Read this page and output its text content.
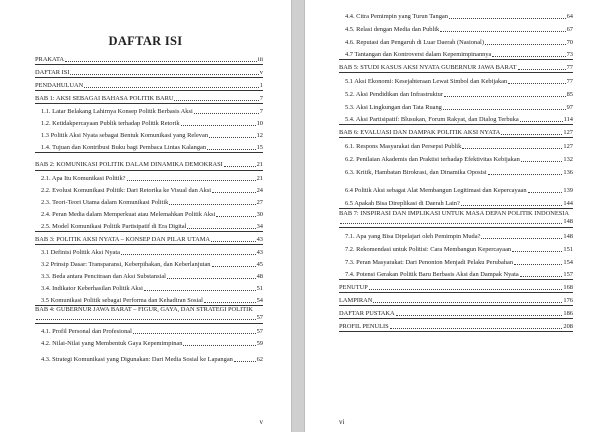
DAFTAR ISI
PRAKATA	iii
DAFTAR ISI	v
PENDAHULUAN	1
BAB 1: AKSI SEBAGAI BAHASA POLITIK BARU	7
1.1. Latar Belakang Lahirnya Konsep Politik Berbasis Aksi	7
1.2. Ketidakpercayaan Publik terhadap Politik Retorik	10
1.3 Politik Aksi Nyata sebagai Bentuk Komunikasi yang Relevan	12
1.4. Tujuan dan Kontribusi Buku bagi Pembaca Lintas Kalangan	15
BAB 2: KOMUNIKASI POLITIK DALAM DINAMIKA DEMOKRASI	21
2.1. Apa Itu Komunikasi Politik?	21
2.2. Evolusi Komunikasi Politik: Dari Retorika ke Visual dan Aksi	24
2.3. Teori-Teori Utama dalam Komunikasi Politik	27
2.4. Peran Media dalam Memperkuat atau Melemahkan Politik Aksi	30
2.5. Model Komunikasi Politik Partisipatif di Era Digital	34
BAB 3: POLITIK AKSI NYATA – KONSEP DAN PILAR UTAMA	43
3.1 Definisi Politik Aksi Nyata	43
3.2 Prinsip Dasar: Transparansi, Keberpihakan, dan Keberlanjutan	45
3.3. Beda antara Pencitraan dan Aksi Substansial	48
3.4. Indikator Keberhasilan Politik Aksi	51
3.5 Komunikasi Politik sebagai Performa dan Kehadiran Sosial	54
BAB 4: GUBERNUR JAWA BARAT – FIGUR, GAYA, DAN STRATEGI POLITIK
57
4.1. Profil Personal dan Profesional	57
4.2. Nilai-Nilai yang Membentuk Gaya Kepemimpinan	59
4.3. Strategi Komunikasi yang Digunakan: Dari Media Sosial ke Lapangan	62
v
4.4. Citra Pemimpin yang Turun Tangan	64
4.5. Relasi dengan Media dan Publik	67
4.6. Reputasi dan Pengaruh di Luar Daerah (Nasional)	70
4.7 Tantangan dan Kontroversi dalam Kepemimpinannya	73
BAB 5: STUDI KASUS AKSI NYATA GUBERNUR JAWA BARAT	77
5.1 Aksi Ekonomi: Kesejahteraan Lewat Simbol dan Kebijakan	77
5.2. Aksi Pendidikan dan Infrastruktur	85
5.3. Aksi Lingkungan dan Tata Ruang	97
5.4. Aksi Partisipatif: Blusukan, Forum Rakyat, dan Dialog Terbuka	114
BAB 6: EVALUASI DAN DAMPAK POLITIK AKSI NYATA	127
6.1. Respons Masyarakat dan Persepsi Publik	127
6.2. Penilaian Akademis dan Praktisi terhadap Efektivitas Kebijakan	132
6.3. Kritik, Hambatan Birokrasi, dan Dinamika Oposisi	136
6.4 Politik Aksi sebagai Alat Membangun Legitimasi dan Kepercayaan	139
6.5 Apakah Bisa Direplikasi di Daerah Lain?	144
BAB 7: INSPIRASI DAN IMPLIKASI UNTUK MASA DEPAN POLITIK INDONESIA
148
7.1. Apa yang Bisa Dipelajari oleh Pemimpin Muda?	148
7.2. Rekomendasi untuk Politisi: Cara Membangun Kepercayaan	151
7.3. Peran Masyarakat: Dari Penonton Menjadi Pelaku Perubahan	154
7.4. Potensi Gerakan Politik Baru Berbasis Aksi dan Dampak Nyata	157
PENUTUP	168
LAMPIRAN	176
DAFTAR PUSTAKA	186
PROFIL PENULIS	208
vi
